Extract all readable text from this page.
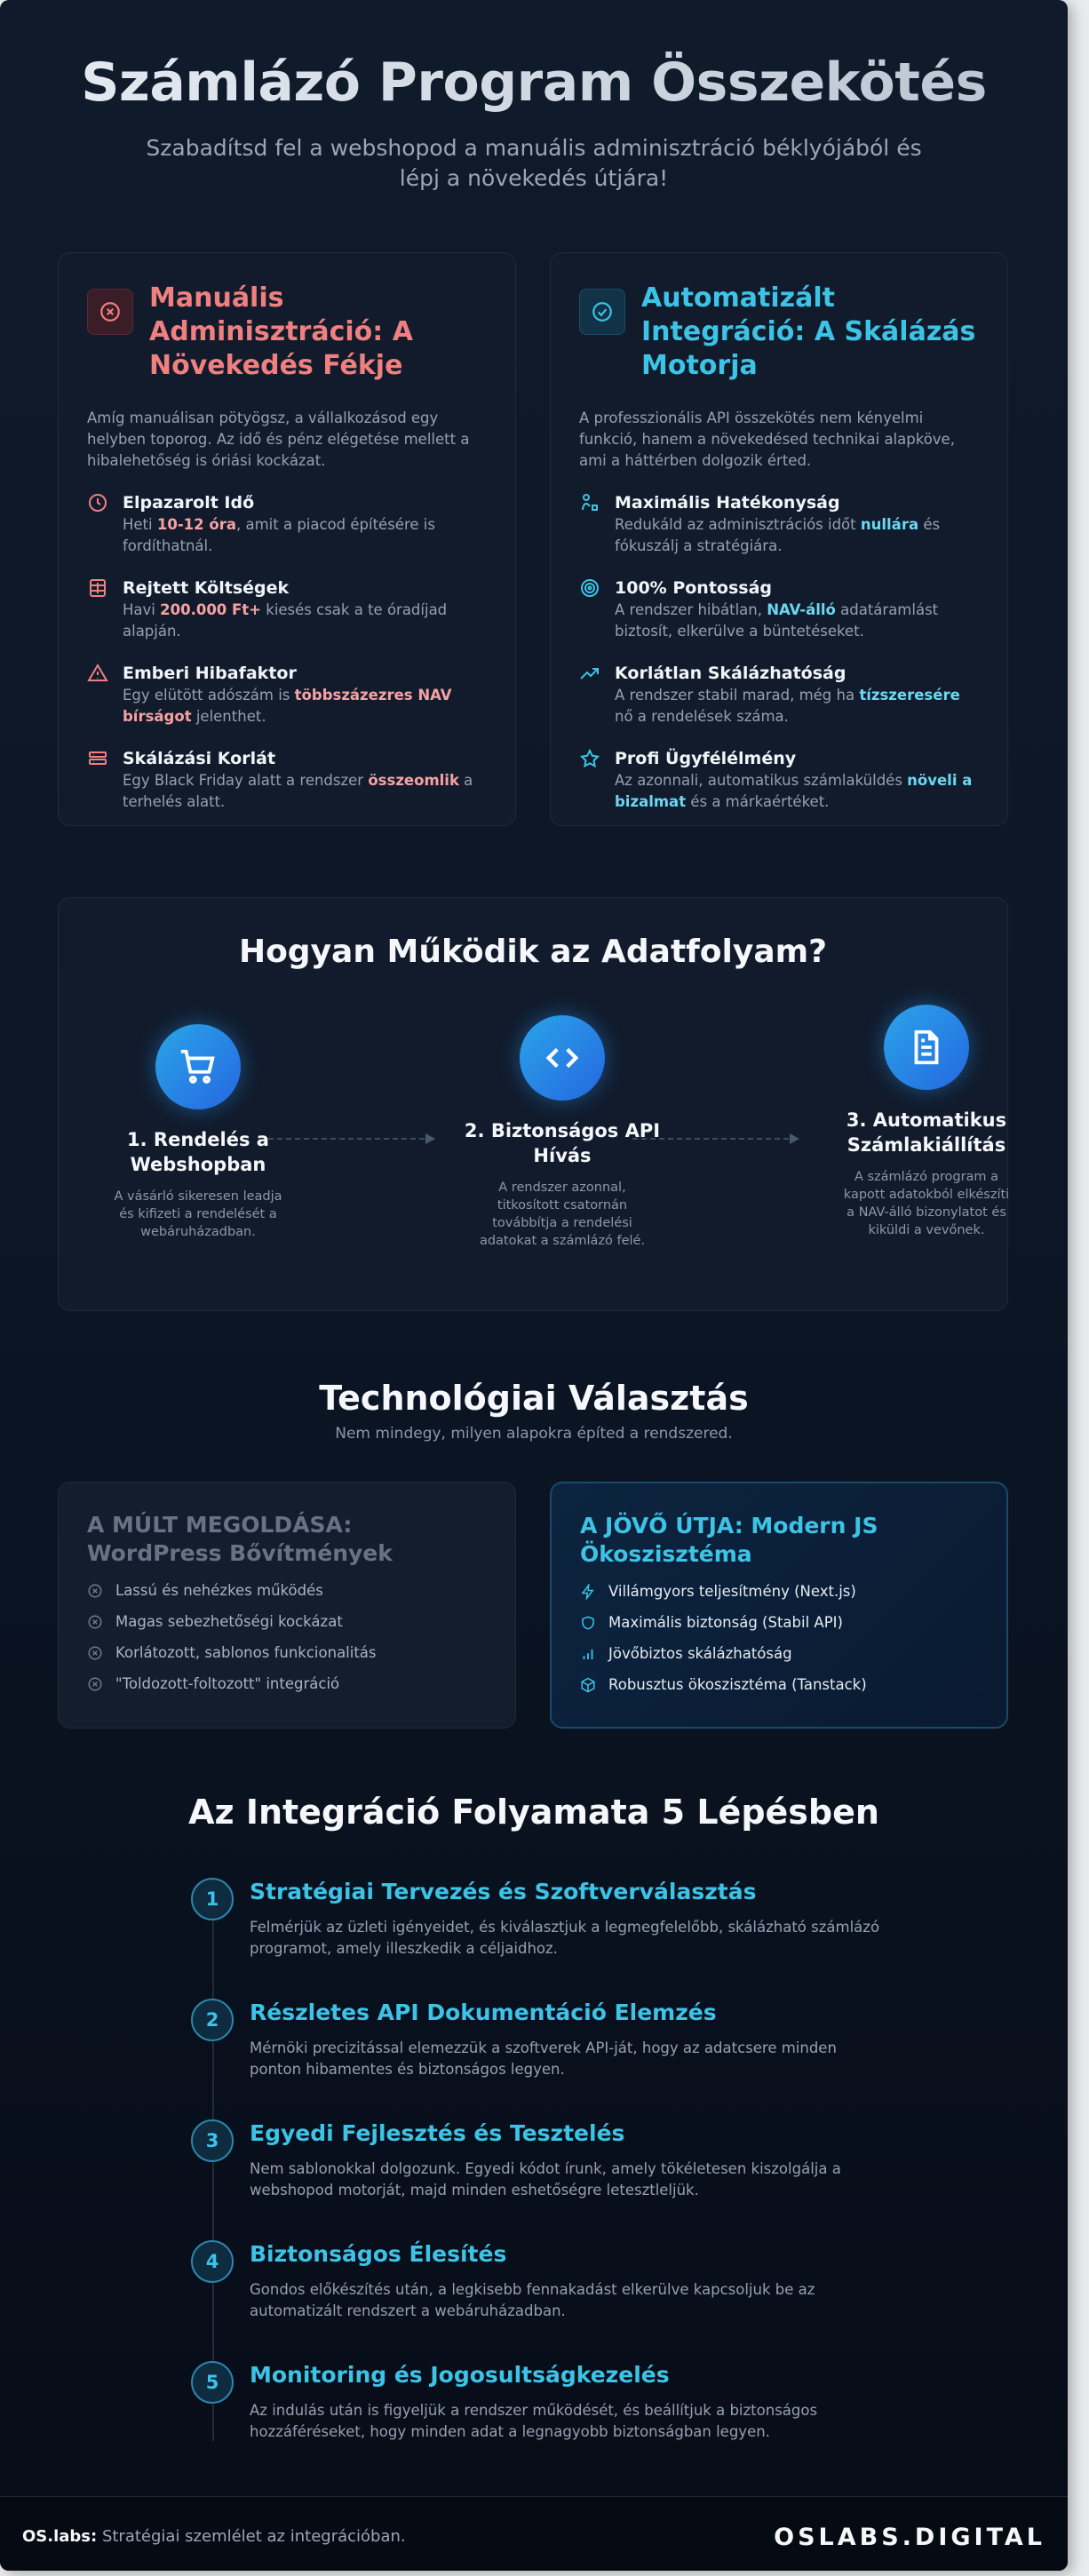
Számlázó Program Összekötés

Szabadítsd fel a webshopod a manuális adminisztráció béklyójából és lépj a növekedés útjára!

Manuális Adminisztráció: A Növekedés Fékje

Amíg manuálisan pötyögsz, a vállalkozásod egy helyben toporog. Az idő és pénz elégetése mellett a hibalehetőség is óriási kockázat.

Elpazarolt Idő
Heti 10-12 óra, amit a piacod építésére is fordíthatnál.
Rejtett Költségek
Havi 200.000 Ft+ kiesés csak a te óradíjad alapján.
Emberi Hibafaktor
Egy elütött adószám is többszázezres NAV bírságot jelenthet.
Skálázási Korlát
Egy Black Friday alatt a rendszer összeomlik a terhelés alatt.
Automatizált Integráció: A Skálázás Motorja

A professzionális API összekötés nem kényelmi funkció, hanem a növekedésed technikai alapköve, ami a háttérben dolgozik érted.

Maximális Hatékonyság
Redukáld az adminisztrációs időt nullára és fókuszálj a stratégiára.
100% Pontosság
A rendszer hibátlan, NAV-álló adatáramlást biztosít, elkerülve a büntetéseket.
Korlátlan Skálázhatóság
A rendszer stabil marad, még ha tízszeresére nő a rendelések száma.
Profi Ügyfélélmény
Az azonnali, automatikus számlaküldés növeli a bizalmat és a márkaértéket.
Hogyan Működik az Adatfolyam?
1. Rendelés a Webshopban
A vásárló sikeresen leadja és kifizeti a rendelését a webáruházadban.
2. Biztonságos API Hívás
A rendszer azonnal, titkosított csatornán továbbítja a rendelési adatokat a számlázó felé.
3. Automatikus Számlakiállítás
A számlázó program a kapott adatokból elkészíti a NAV-álló bizonylatot és kiküldi a vevőnek.
Technológiai Választás

Nem mindegy, milyen alapokra építed a rendszered.

A MÚLT MEGOLDÁSA: WordPress Bővítmények
Lassú és nehézkes működés
Magas sebezhetőségi kockázat
Korlátozott, sablonos funkcionalitás
"Toldozott-foltozott" integráció
A JÖVŐ ÚTJA: Modern JS Ökoszisztéma
Villámgyors teljesítmény (Next.js)
Maximális biztonság (Stabil API)
Jövőbiztos skálázhatóság
Robusztus ökoszisztéma (Tanstack)
Az Integráció Folyamata 5 Lépésben
1	Stratégiai Tervezés és Szoftverválasztás
Felmérjük az üzleti igényeidet, és kiválasztjuk a legmegfelelőbb, skálázható számlázó programot, amely illeszkedik a céljaidhoz.
2	Részletes API Dokumentáció Elemzés
Mérnöki precizitással elemezzük a szoftverek API-ját, hogy az adatcsere minden ponton hibamentes és biztonságos legyen.
3	Egyedi Fejlesztés és Tesztelés
Nem sablonokkal dolgozunk. Egyedi kódot írunk, amely tökéletesen kiszolgálja a webshopod motorját, majd minden eshetőségre letesztleljük.
4	Biztonságos Élesítés
Gondos előkészítés után, a legkisebb fennakadást elkerülve kapcsoljuk be az automatizált rendszert a webáruházadban.
5	Monitoring és Jogosultságkezelés
Az indulás után is figyeljük a rendszer működését, és beállítjuk a biztonságos hozzáféréseket, hogy minden adat a legnagyobb biztonságban legyen.
OS.labs: Stratégiai szemlélet az integrációban.	OSLABS.DIGITAL
